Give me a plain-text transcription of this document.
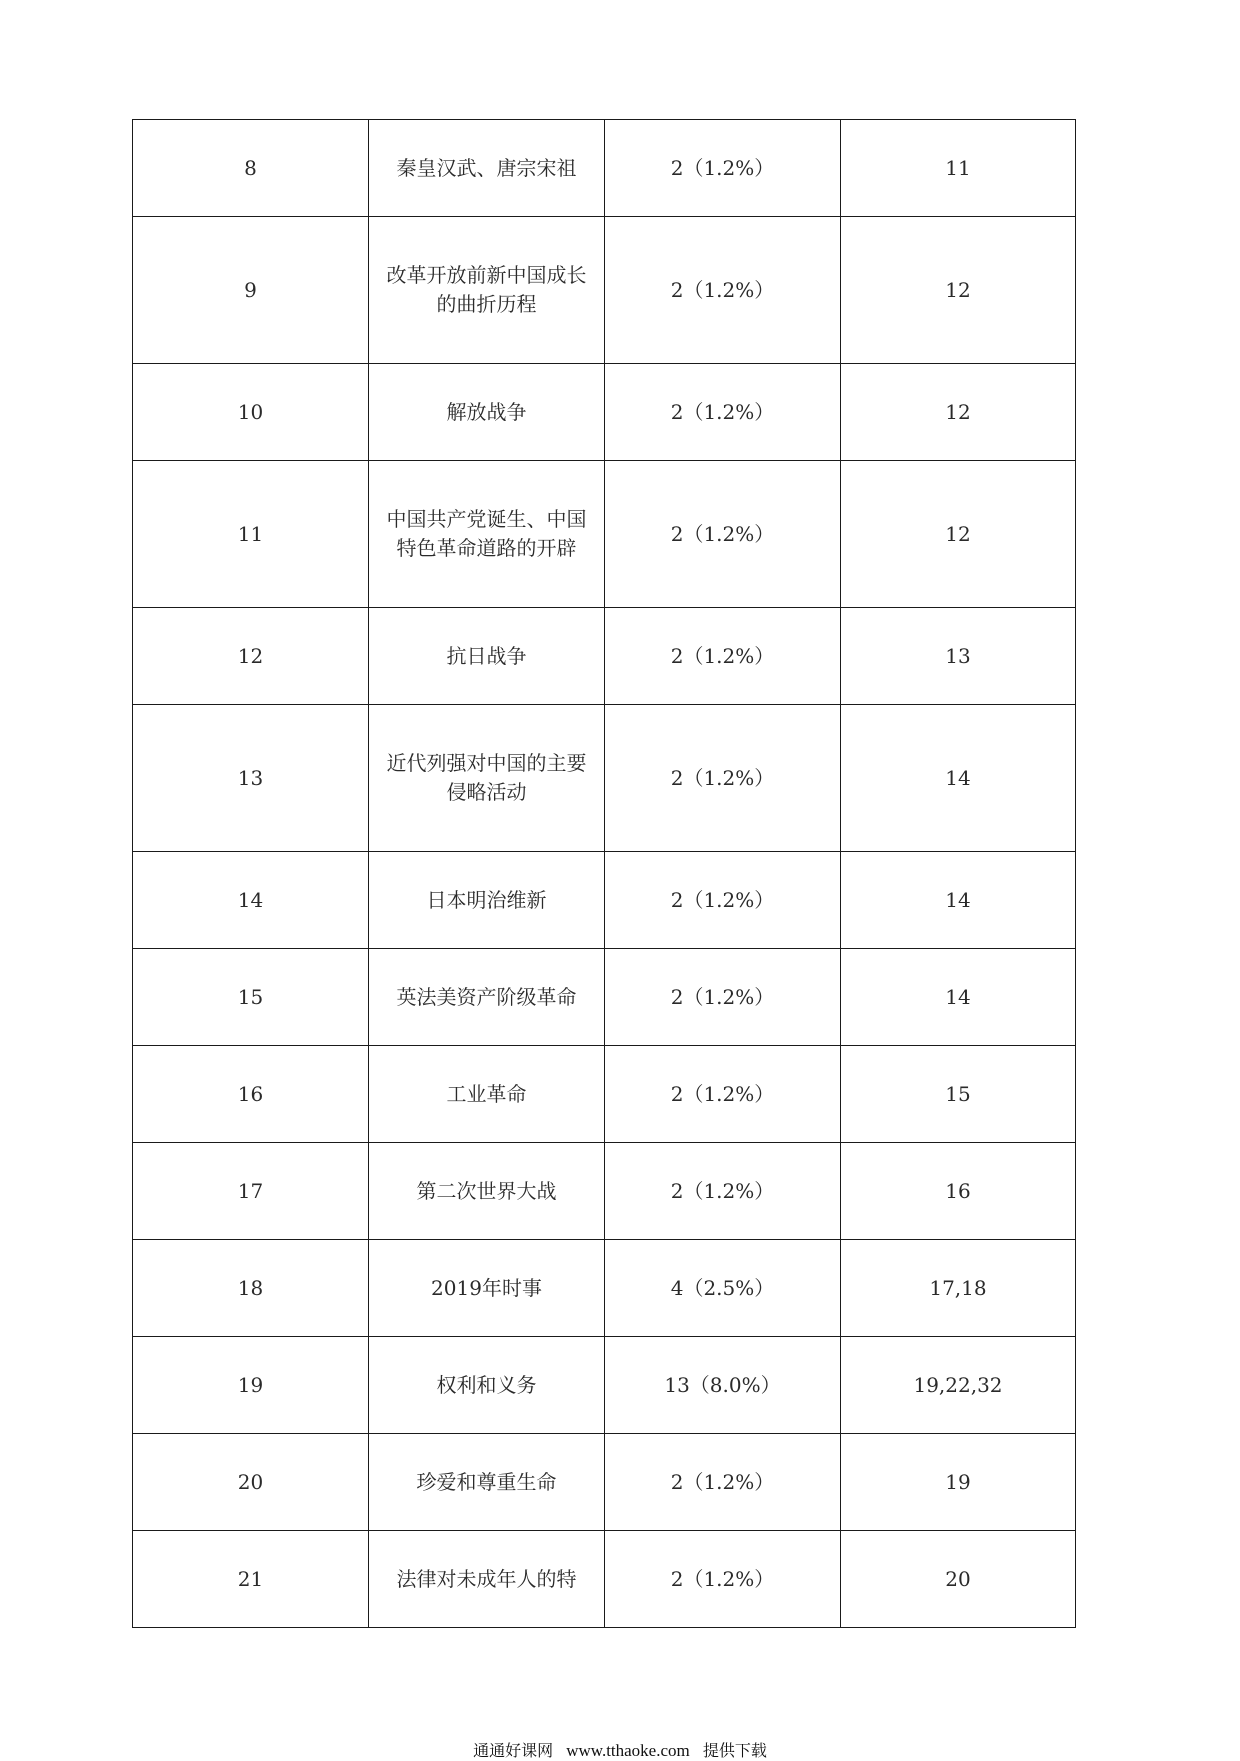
8	秦皇汉武、唐宗宋祖	2（1.2%）	11
9	改革开放前新中国成长的曲折历程	2（1.2%）	12
10	解放战争	2（1.2%）	12
11	中国共产党诞生、中国特色革命道路的开辟	2（1.2%）	12
12	抗日战争	2（1.2%）	13
13	近代列强对中国的主要侵略活动	2（1.2%）	14
14	日本明治维新	2（1.2%）	14
15	英法美资产阶级革命	2（1.2%）	14
16	工业革命	2（1.2%）	15
17	第二次世界大战	2（1.2%）	16
18	2019年时事	4（2.5%）	17,18
19	权利和义务	13（8.0%）	19,22,32
20	珍爱和尊重生命	2（1.2%）	19
21	法律对未成年人的特	2（1.2%）	20
通通好课网 www.tthaoke.com 提供下载
